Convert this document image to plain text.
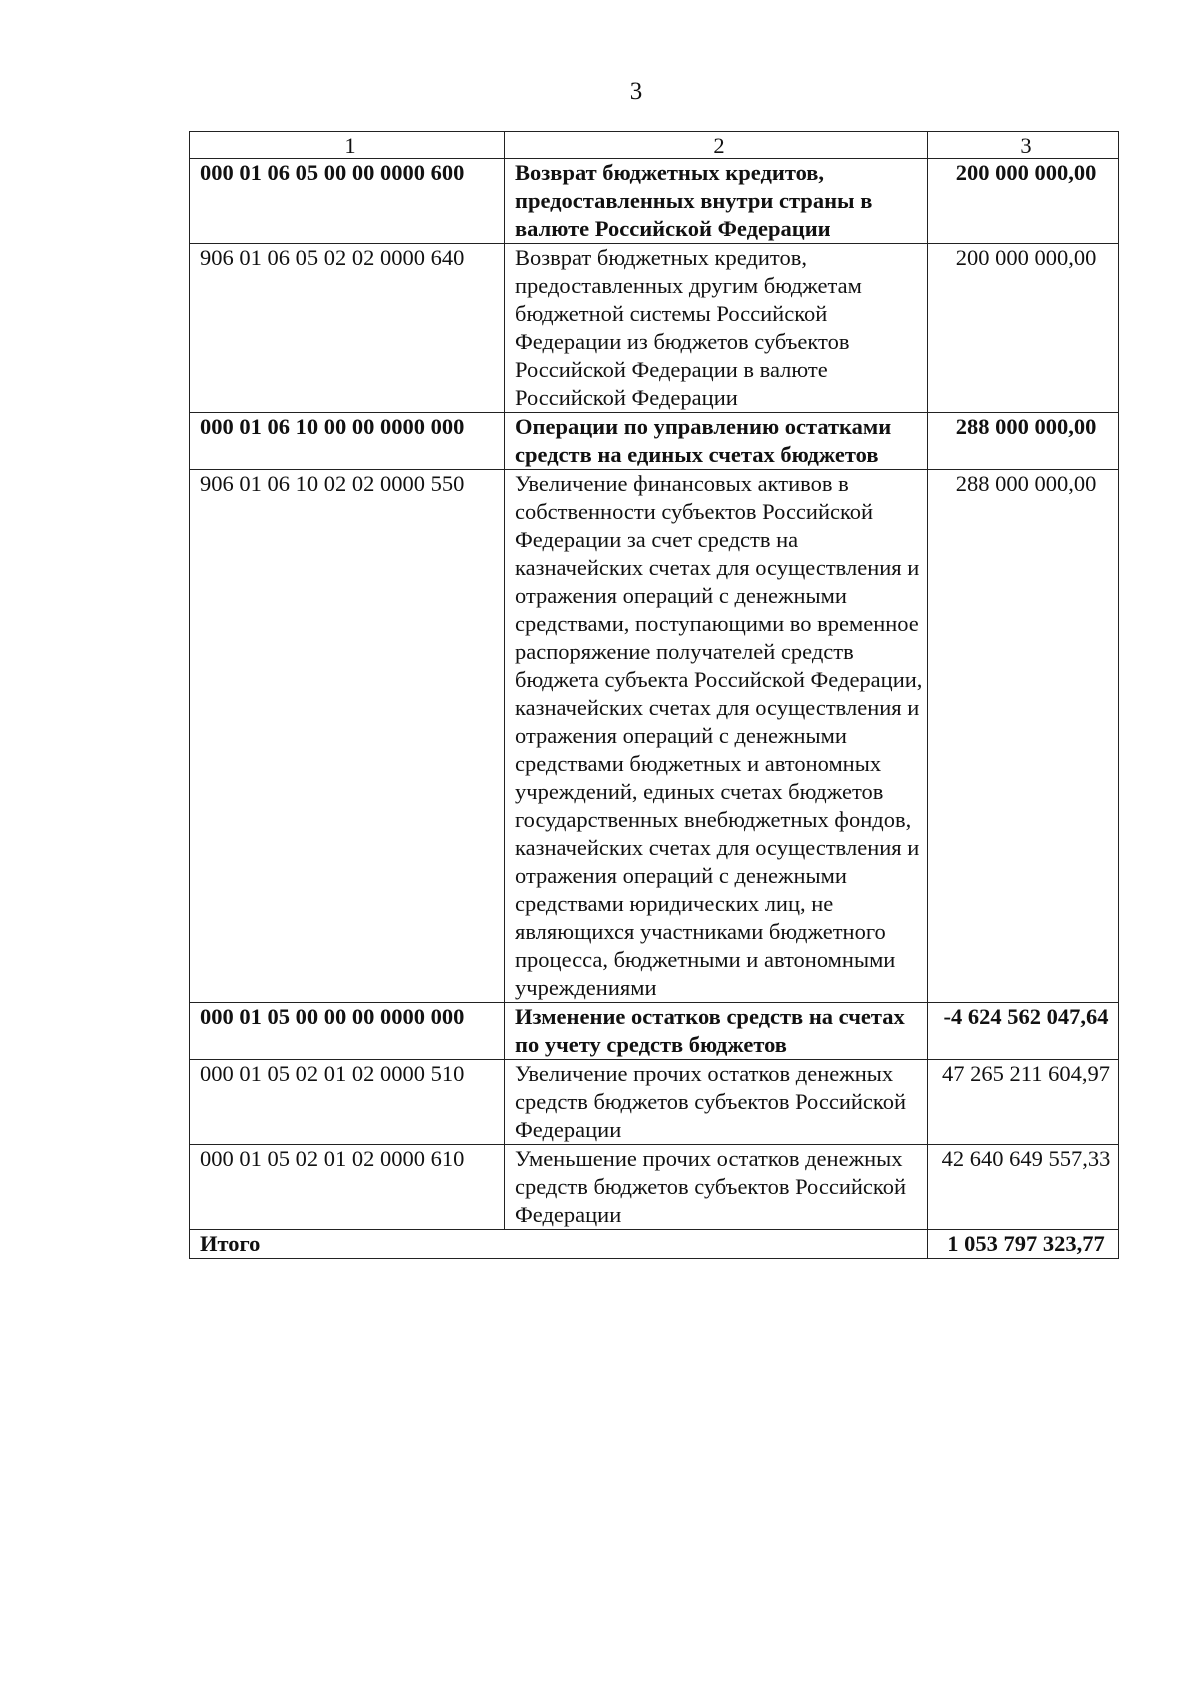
3
1	2	3
000 01 06 05 00 00 0000 600	Возврат бюджетных кредитов, предоставленных внутри страны в валюте Российской Федерации	200 000 000,00
906 01 06 05 02 02 0000 640	Возврат бюджетных кредитов, предоставленных другим бюджетам бюджетной системы Российской Федерации из бюджетов субъектов Российской Федерации в валюте Российской Федерации	200 000 000,00
000 01 06 10 00 00 0000 000	Операции по управлению остатками средств на единых счетах бюджетов	288 000 000,00
906 01 06 10 02 02 0000 550	Увеличение финансовых активов в собственности субъектов Российской Федерации за счет средств на казначейских счетах для осуществления и отражения операций с денежными средствами, поступающими во временное распоряжение получателей средств бюджета субъекта Российской Федерации, казначейских счетах для осуществления и отражения операций с денежными средствами бюджетных и автономных учреждений, единых счетах бюджетов государственных внебюджетных фондов, казначейских счетах для осуществления и отражения операций с денежными средствами юридических лиц, не являющихся участниками бюджетного процесса, бюджетными и автономными учреждениями	288 000 000,00
000 01 05 00 00 00 0000 000	Изменение остатков средств на счетах по учету средств бюджетов	-4 624 562 047,64
000 01 05 02 01 02 0000 510	Увеличение прочих остатков денежных средств бюджетов субъектов Российской Федерации	47 265 211 604,97
000 01 05 02 01 02 0000 610	Уменьшение прочих остатков денежных средств бюджетов субъектов Российской Федерации	42 640 649 557,33
Итого		1 053 797 323,77
